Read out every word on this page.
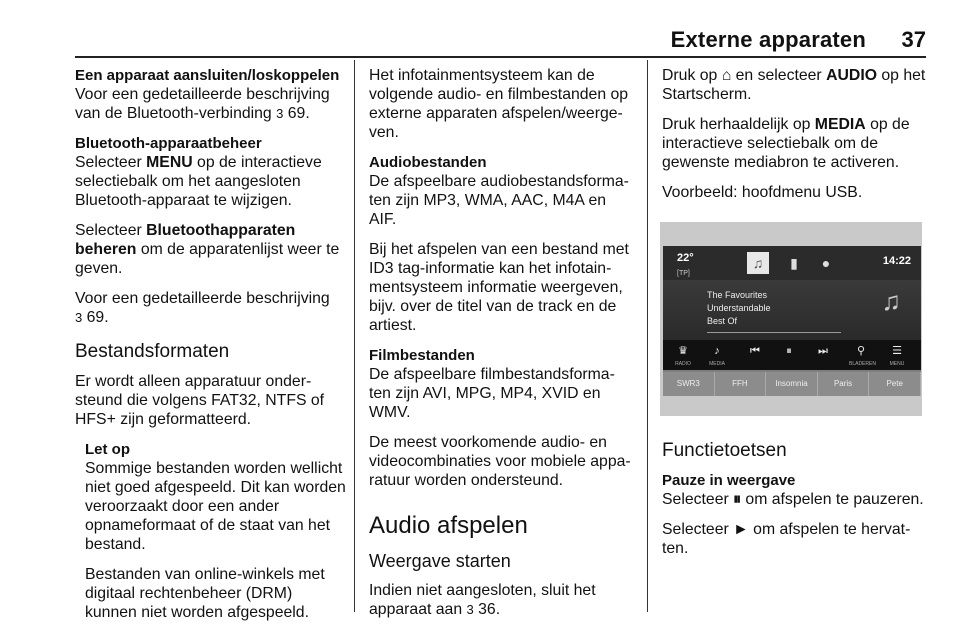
Externe apparaten 37
Een apparaat aansluiten/loskoppelen

Voor een gedetailleerde beschrijving van de Bluetooth-verbinding 3 69.

Bluetooth-apparaatbeheer

Selecteer MENU op de interactieve selectiebalk om het aangesloten Bluetooth-apparaat te wijzigen.

Selecteer Bluetoothapparaten beheren om de apparatenlijst weer te geven.

Voor een gedetailleerde beschrijving
3 69.

Bestandsformaten

Er wordt alleen apparatuur onder-steund die volgens FAT32, NTFS of HFS+ zijn geformatteerd.

Let op

Sommige bestanden worden wellicht niet goed afgespeeld. Dit kan worden veroorzaakt door een ander opnameformaat of de staat van het bestand.

Bestanden van online-winkels met digitaal rechtenbeheer (DRM) kunnen niet worden afgespeeld.

Het infotainmentsysteem kan de volgende audio- en filmbestanden op externe apparaten afspelen/weerge-ven.

Audiobestanden

De afspeelbare audiobestandsforma-ten zijn MP3, WMA, AAC, M4A en AIF.

Bij het afspelen van een bestand met ID3 tag-informatie kan het infotain-mentsysteem informatie weergeven, bijv. over de titel van de track en de artiest.

Filmbestanden

De afspeelbare filmbestandsforma-ten zijn AVI, MPG, MP4, XVID en WMV.

De meest voorkomende audio- en videocombinaties voor mobiele appa-ratuur worden ondersteund.

Audio afspelen
Weergave starten

Indien niet aangesloten, sluit het apparaat aan 3 36.

Druk op ⌂ en selecteer AUDIO op het Startscherm.

Druk herhaaldelijk op MEDIA op de interactieve selectiebalk om de gewenste mediabron te activeren.

Voorbeeld: hoofdmenu USB.

22°
[TP]
♫	▮	●	14:22
The Favourites
Understandable
Best Of
♫
♛
RADIO
♪
MEDIA
⏮	⏸	⏭	⚲
BLADEREN
☰
MENU
SWR3	FFH	Insomnia	Paris	Pete
Functietoetsen
Pauze in weergave

Selecteer ⏸ om afspelen te pauzeren.

Selecteer ► om afspelen te hervat-ten.
